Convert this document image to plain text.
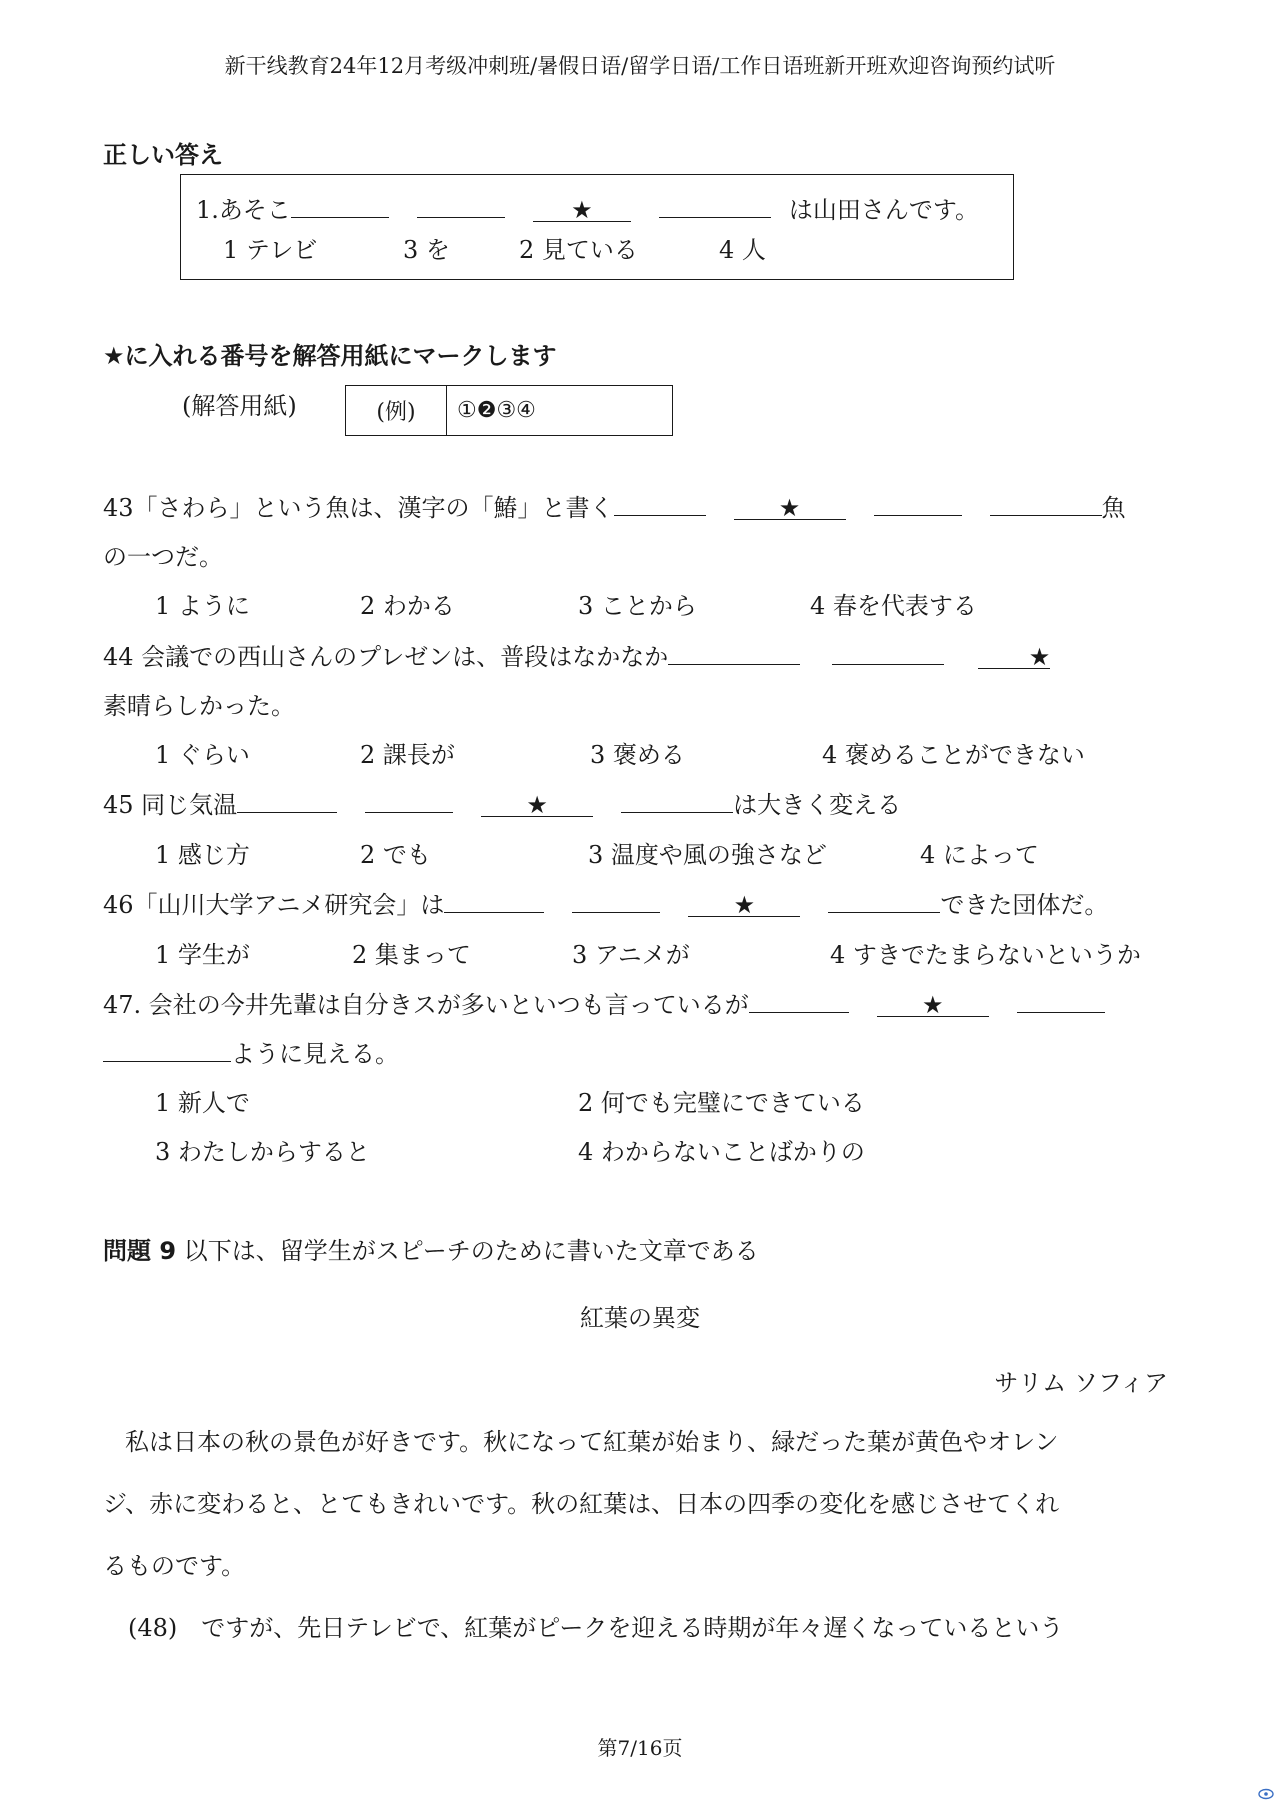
新干线教育24年12月考级冲刺班/暑假日语/留学日语/工作日语班新开班欢迎咨询预约试听
正しい答え
1.あそこ	★	は山田さんです。
1 テレビ	3 を	2 見ている	4 人
★に入れる番号を解答用紙にマークします
(解答用紙)	(例)	①❷③④
43「さわら」という魚は、漢字の「鰆」と書く	★	魚
の一つだ。
1 ように	2 わかる	3 ことから	4 春を代表する
44 会議での西山さんのプレゼンは、普段はなかなか	★
素晴らしかった。
1 ぐらい	2 課長が	3 褒める	4 褒めることができない
45 同じ気温	★	は大きく変える
1 感じ方	2 でも	3 温度や風の強さなど	4 によって
46「山川大学アニメ研究会」は	★	できた団体だ。
1 学生が	2 集まって	3 アニメが	4 すきでたまらないというか
47. 会社の今井先輩は自分きスが多いといつも言っているが	★
ように見える。
1 新人で	2 何でも完璧にできている
3 わたしからすると	4 わからないことばかりの
問題 9 以下は、留学生がスピーチのために書いた文章である
紅葉の異変
サリム ソフィア
私は日本の秋の景色が好きです。秋になって紅葉が始まり、緑だった葉が黄色やオレン
ジ、赤に変わると、とてもきれいです。秋の紅葉は、日本の四季の変化を感じさせてくれ
るものです。
(48)　ですが、先日テレビで、紅葉がピークを迎える時期が年々遅くなっているという
第7/16页
